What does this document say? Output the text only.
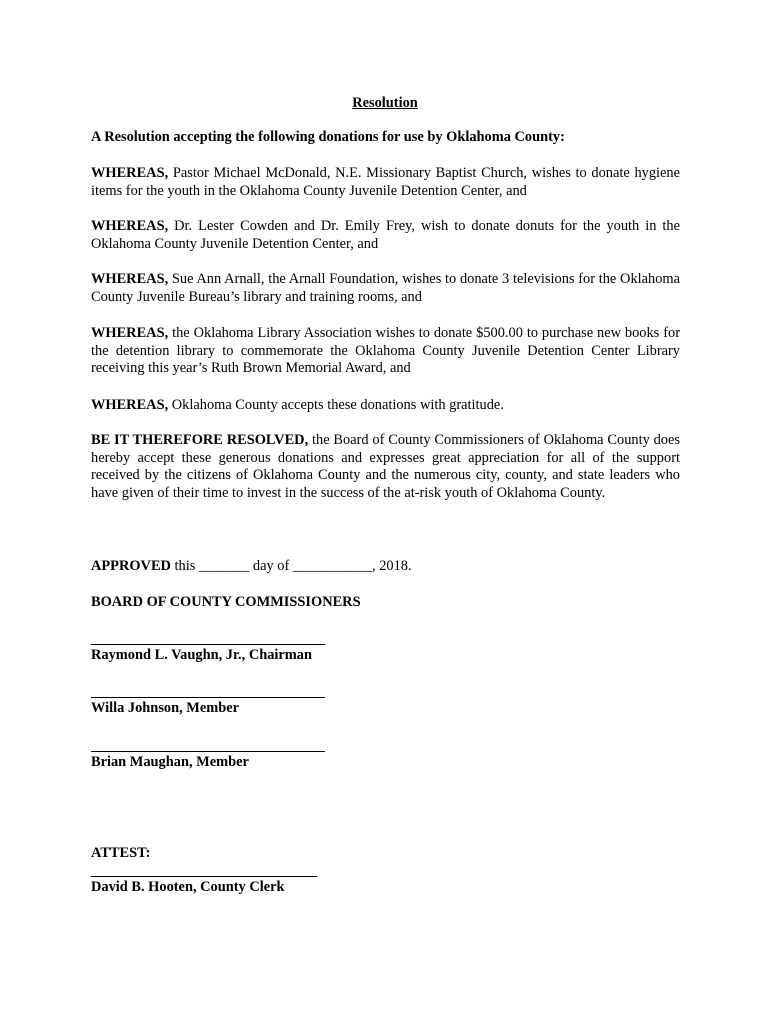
Resolution
A Resolution accepting the following donations for use by Oklahoma County:
WHEREAS, Pastor Michael McDonald, N.E. Missionary Baptist Church, wishes to donate hygiene items for the youth in the Oklahoma County Juvenile Detention Center, and
WHEREAS, Dr. Lester Cowden and Dr. Emily Frey, wish to donate donuts for the youth in the Oklahoma County Juvenile Detention Center, and
WHEREAS, Sue Ann Arnall, the Arnall Foundation, wishes to donate 3 televisions for the Oklahoma County Juvenile Bureau’s library and training rooms, and
WHEREAS, the Oklahoma Library Association wishes to donate $500.00 to purchase new books for the detention library to commemorate the Oklahoma County Juvenile Detention Center Library receiving this year’s Ruth Brown Memorial Award, and
WHEREAS, Oklahoma County accepts these donations with gratitude.
BE IT THEREFORE RESOLVED, the Board of County Commissioners of Oklahoma County does hereby accept these generous donations and expresses great appreciation for all of the support received by the citizens of Oklahoma County and the numerous city, county, and state leaders who have given of their time to invest in the success of the at-risk youth of Oklahoma County.
APPROVED this _______ day of ___________, 2018.
BOARD OF COUNTY COMMISSIONERS
Raymond L. Vaughn, Jr., Chairman
Willa Johnson, Member
Brian Maughan, Member
ATTEST:
David B. Hooten, County Clerk
